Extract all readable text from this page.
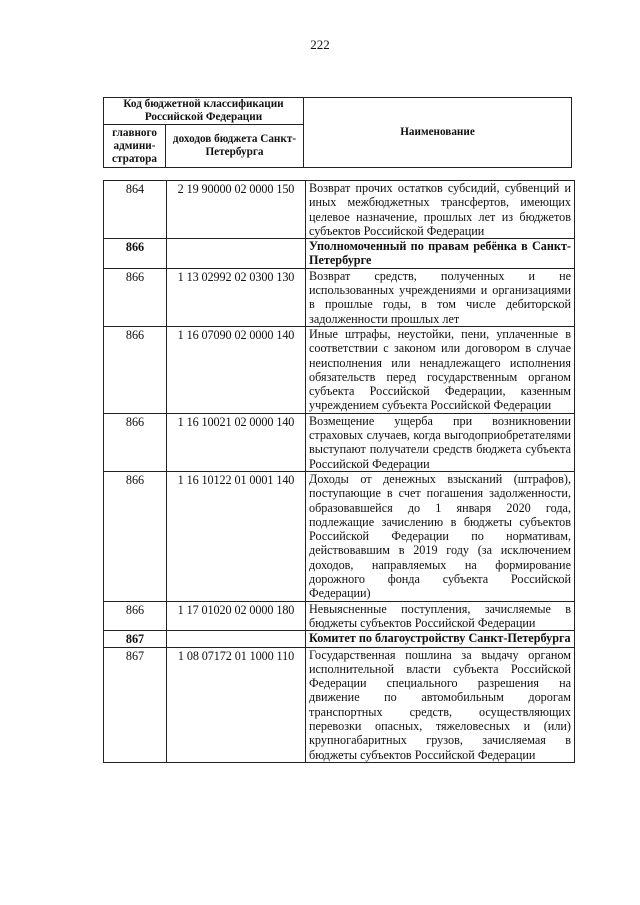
222
Код бюджетной классификации Российской Федерации		Наименование
главного админи- стратора	доходов бюджета Санкт-Петербурга	
864	2 19 90000 02 0000 150	Возврат прочих остатков субсидий, субвенций и иных межбюджетных трансфертов, имеющих целевое назначение, прошлых лет из бюджетов субъектов Российской Федерации
866		Уполномоченный по правам ребёнка в Санкт-Петербурге
866	1 13 02992 02 0300 130	Возврат средств, полученных и не использованных учреждениями и организациями в прошлые годы, в том числе дебиторской задолженности прошлых лет
866	1 16 07090 02 0000 140	Иные штрафы, неустойки, пени, уплаченные в соответствии с законом или договором в случае неисполнения или ненадлежащего исполнения обязательств перед государственным органом субъекта Российской Федерации, казенным учреждением субъекта Российской Федерации
866	1 16 10021 02 0000 140	Возмещение ущерба при возникновении страховых случаев, когда выгодоприобретателями выступают получатели средств бюджета субъекта Российской Федерации
866	1 16 10122 01 0001 140	Доходы от денежных взысканий (штрафов), поступающие в счет погашения задолженности, образовавшейся до 1 января 2020 года, подлежащие зачислению в бюджеты субъектов Российской Федерации по нормативам, действовавшим в 2019 году (за исключением доходов, направляемых на формирование дорожного фонда субъекта Российской Федерации)
866	1 17 01020 02 0000 180	Невыясненные поступления, зачисляемые в бюджеты субъектов Российской Федерации
867		Комитет по благоустройству Санкт-Петербурга
867	1 08 07172 01 1000 110	Государственная пошлина за выдачу органом исполнительной власти субъекта Российской Федерации специального разрешения на движение по автомобильным дорогам транспортных средств, осуществляющих перевозки опасных, тяжеловесных и (или) крупногабаритных грузов, зачисляемая в бюджеты субъектов Российской Федерации
